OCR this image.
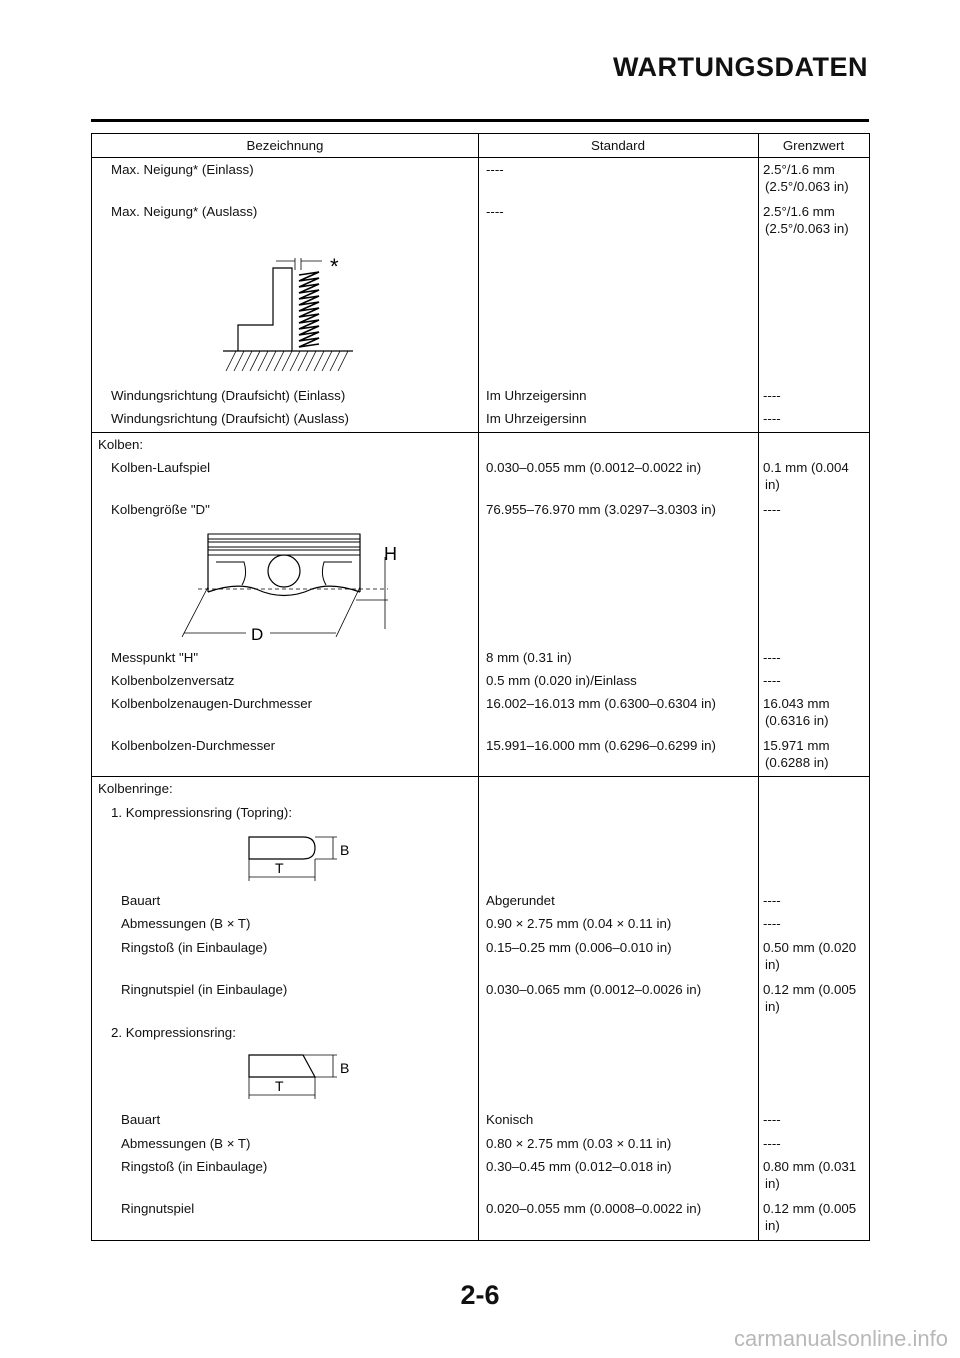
WARTUNGSDATEN
Bezeichnung	Standard	Grenzwert
Max. Neigung* (Einlass)	----	2.5°/1.6 mm
(2.5°/0.063 in)
Max. Neigung* (Auslass)	----	2.5°/1.6 mm
(2.5°/0.063 in)
*
Windungsrichtung (Draufsicht) (Einlass)	Im Uhrzeigersinn	----
Windungsrichtung (Draufsicht) (Auslass)	Im Uhrzeigersinn	----
Kolben:
Kolben-Laufspiel	0.030–0.055 mm (0.0012–0.0022 in)	0.1 mm (0.004
in)
Kolbengröße "D"	76.955–76.970 mm (3.0297–3.0303 in)	----
H
D
Messpunkt "H"	8 mm (0.31 in)	----
Kolbenbolzenversatz	0.5 mm (0.020 in)/Einlass	----
Kolbenbolzenaugen-Durchmesser	16.002–16.013 mm (0.6300–0.6304 in)	16.043 mm
(0.6316 in)
Kolbenbolzen-Durchmesser	15.991–16.000 mm (0.6296–0.6299 in)	15.971 mm
(0.6288 in)
Kolbenringe:
1. Kompressionsring (Topring):
B
T
Bauart	Abgerundet	----
Abmessungen (B × T)	0.90 × 2.75 mm (0.04 × 0.11 in)	----
Ringstoß (in Einbaulage)	0.15–0.25 mm (0.006–0.010 in)	0.50 mm (0.020
in)
Ringnutspiel (in Einbaulage)	0.030–0.065 mm (0.0012–0.0026 in)	0.12 mm (0.005
in)
2. Kompressionsring:
B
T
Bauart	Konisch	----
Abmessungen (B × T)	0.80 × 2.75 mm (0.03 × 0.11 in)	----
Ringstoß (in Einbaulage)	0.30–0.45 mm (0.012–0.018 in)	0.80 mm (0.031
in)
Ringnutspiel	0.020–0.055 mm (0.0008–0.0022 in)	0.12 mm (0.005
in)
2-6
carmanualsonline.info
